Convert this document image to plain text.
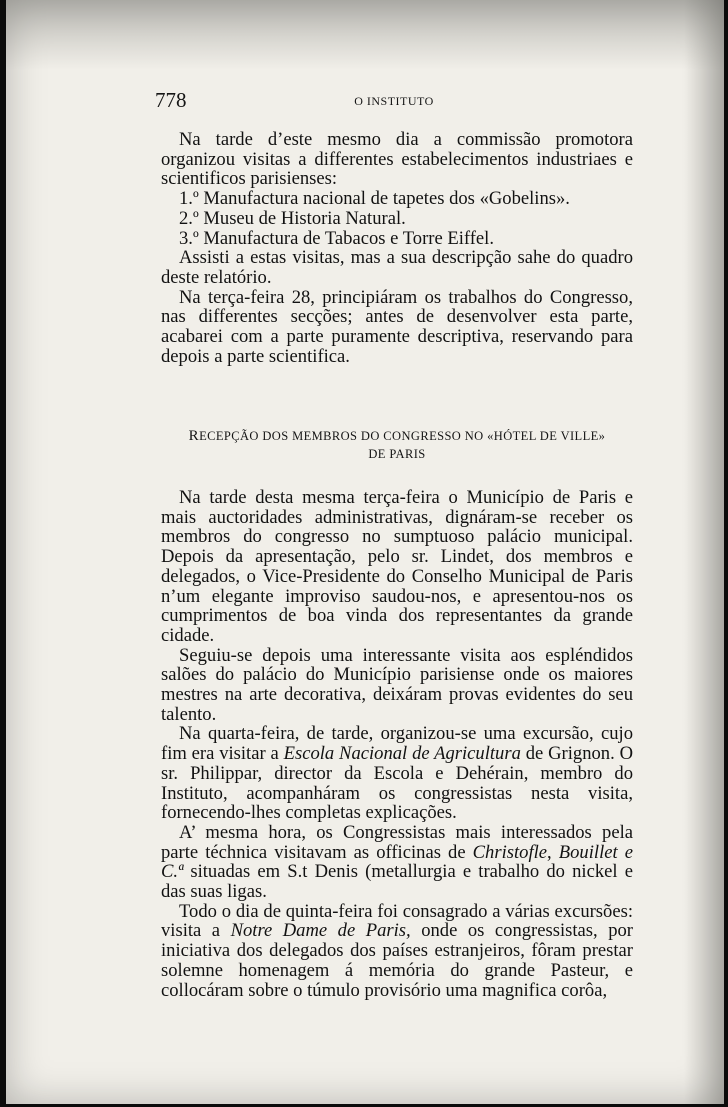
778	O INSTITUTO

Na tarde d’este mesmo dia a commissão promotora organizou visitas a differentes estabelecimentos industriaes e scientificos parisienses:

1.º Manufactura nacional de tapetes dos «Gobelins».

2.º Museu de Historia Natural.

3.º Manufactura de Tabacos e Torre Eiffel.

Assisti a estas visitas, mas a sua descripção sahe do quadro deste relatório.

Na terça-feira 28, principiáram os trabalhos do Congresso, nas differentes secções; antes de desenvolver esta parte, acabarei com a parte puramente descriptiva, reservando para depois a parte scientifica.

RECEPÇÃO DOS MEMBROS DO CONGRESSO NO «HÓTEL DE VILLE»
DE PARIS

Na tarde desta mesma terça-feira o Município de Paris e mais auctoridades administrativas, dignáram-se receber os membros do congresso no sumptuoso palácio municipal. Depois da apresentação, pelo sr. Lindet, dos membros e delegados, o Vice-Presidente do Conselho Municipal de Paris n’um elegante improviso saudou-nos, e apresentou-nos os cumprimentos de boa vinda dos representantes da grande cidade.

Seguiu-se depois uma interessante visita aos espléndidos salões do palácio do Município parisiense onde os maiores mestres na arte decorativa, deixáram provas evidentes do seu talento.

Na quarta-feira, de tarde, organizou-se uma excursão, cujo fim era visitar a Escola Nacional de Agricultura de Grignon. O sr. Philippar, director da Escola e Dehérain, membro do Instituto, acompanháram os congressistas nesta visita, fornecendo-lhes completas explicações.

A’ mesma hora, os Congressistas mais interessados pela parte téchnica visitavam as officinas de Christofle, Bouillet e C.ª situadas em S.t Denis (metallurgia e trabalho do nickel e das suas ligas.

Todo o dia de quinta-feira foi consagrado a várias excursões: visita a Notre Dame de Paris, onde os congressistas, por iniciativa dos delegados dos países estranjeiros, fôram prestar solemne homenagem á memória do grande Pasteur, e collocáram sobre o túmulo provisório uma magnifica corôa,
